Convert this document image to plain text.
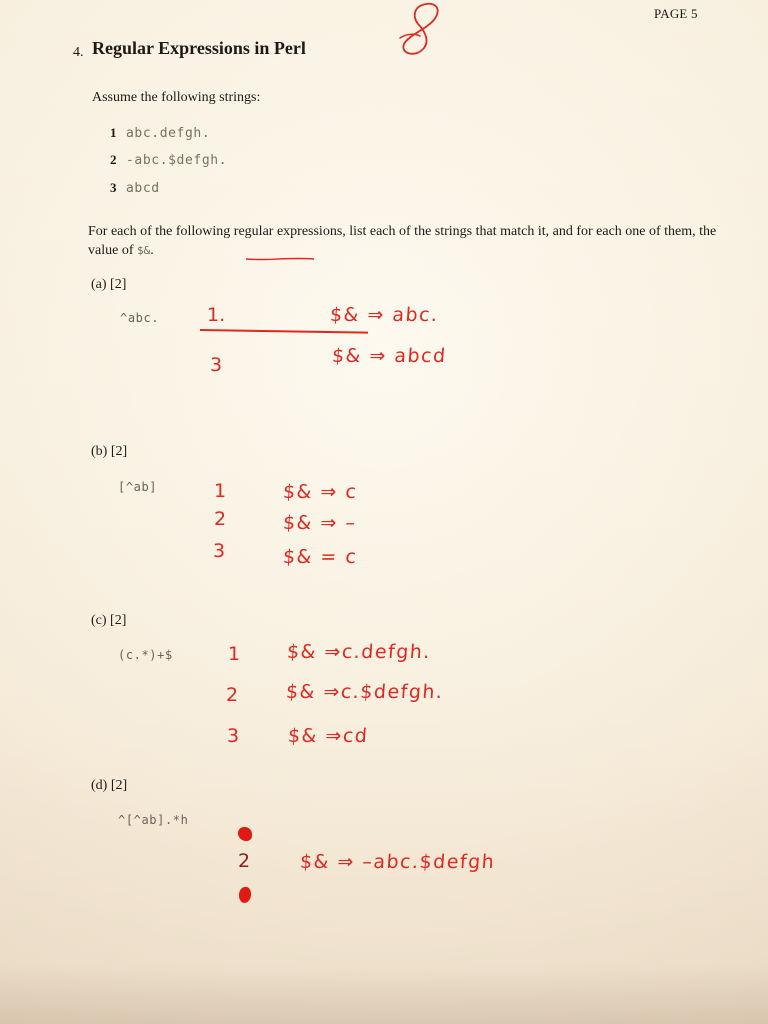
PAGE 5
4. Regular Expressions in Perl
Assume the following strings:
1 abc.defgh.
2 -abc.$defgh.
3 abcd
For each of the following regular expressions, list each of the strings that match it, and for each one of them, the value of $&.
(a) [2]
^abc.	1.	$& ⇒ abc.
3	$& ⇒ abcd
(b) [2]
[^ab]	1	$& ⇒ c
2	$& ⇒ –
3	$& = c
(c) [2]
(c.*)+$	1 $& ⇒c.defgh.
2 $& ⇒c.$defgh.
3	$& ⇒cd
(d) [2]
^[^ab].*h
2	$& ⇒ –abc.$defgh
